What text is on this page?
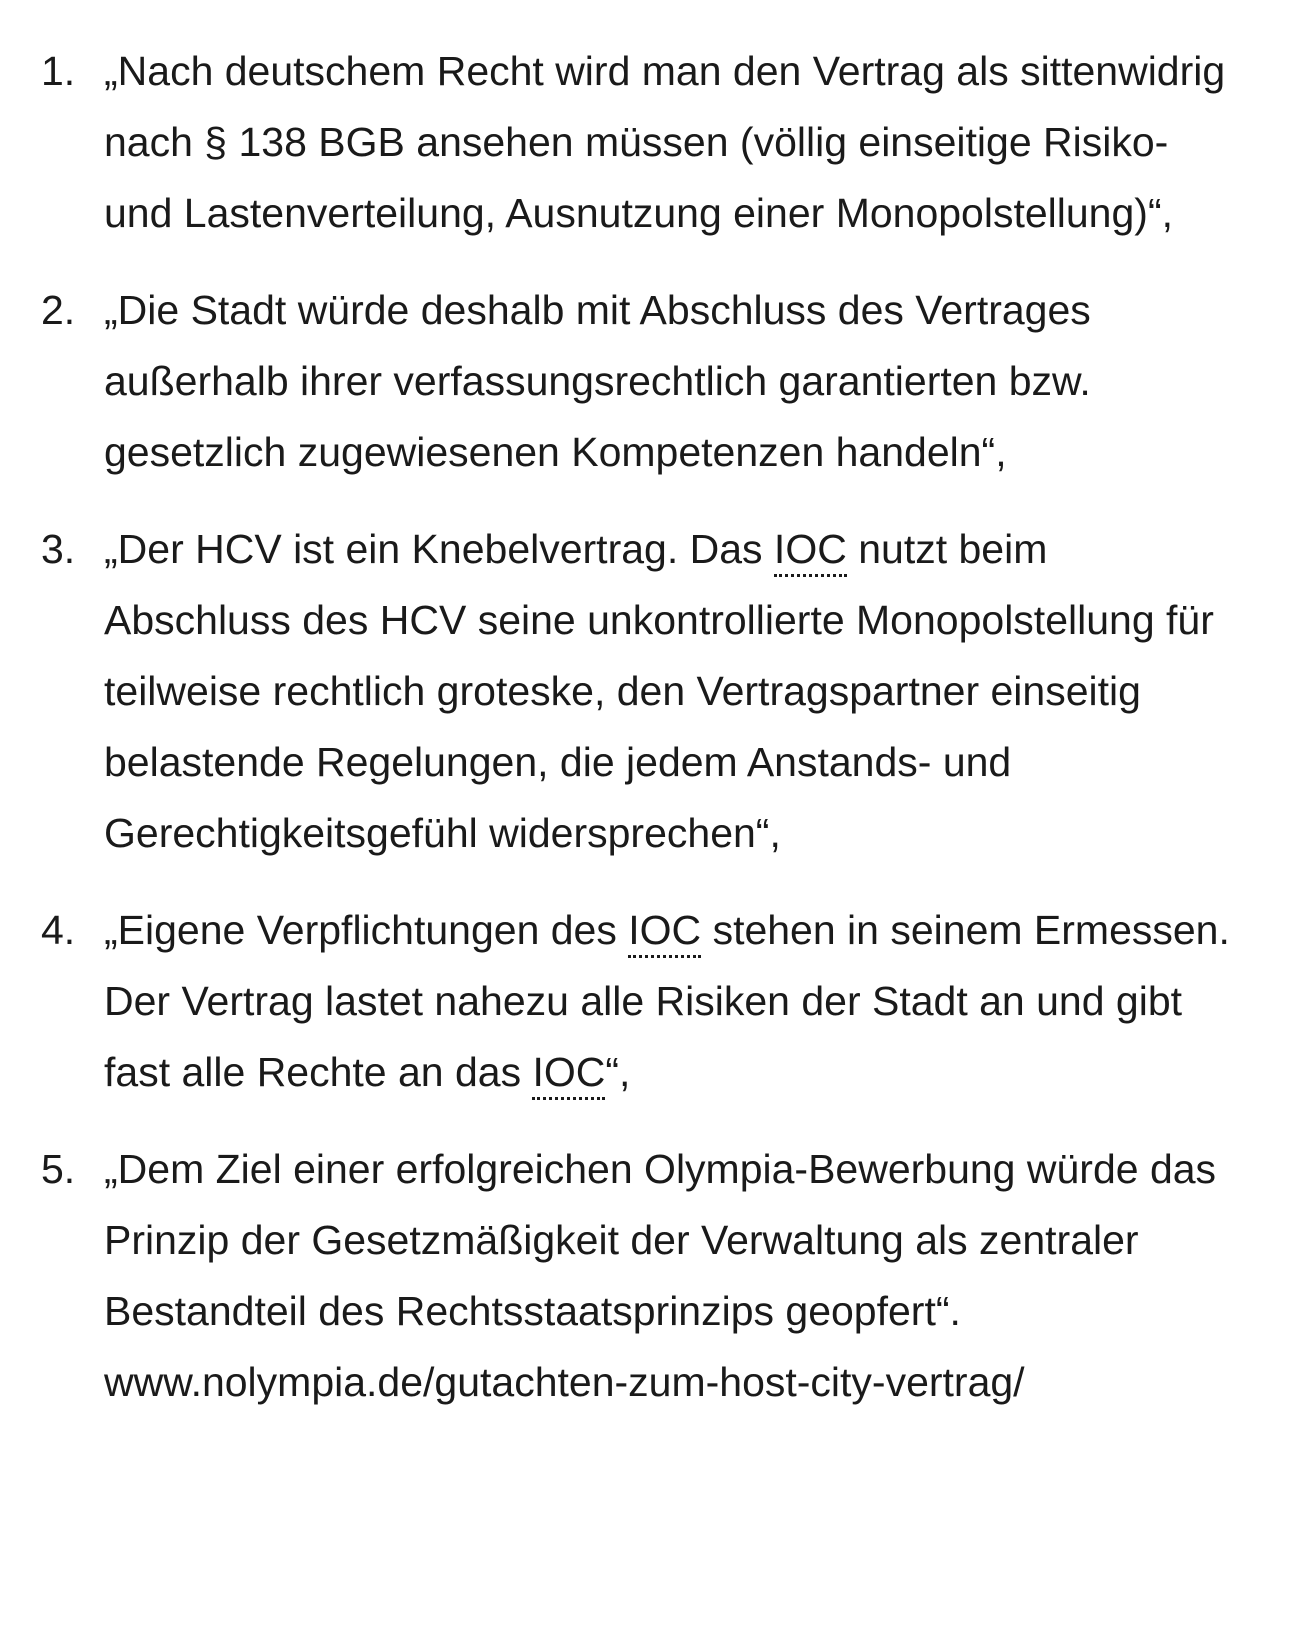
1. „Nach deutschem Recht wird man den Vertrag als sittenwidrig nach § 138 BGB ansehen müssen (völlig einseitige Risiko- und Lastenverteilung, Ausnutzung einer Monopolstellung)“,
2. „Die Stadt würde deshalb mit Abschluss des Vertrages außerhalb ihrer verfassungsrechtlich garantierten bzw. gesetzlich zugewiesenen Kompetenzen handeln“,
3. „Der HCV ist ein Knebelvertrag. Das IOC nutzt beim Abschluss des HCV seine unkontrollierte Monopolstellung für teilweise rechtlich groteske, den Vertragspartner einseitig belastende Regelungen, die jedem Anstands- und Gerechtigkeitsgefühl widersprechen“,
4. „Eigene Verpflichtungen des IOC stehen in seinem Ermessen. Der Vertrag lastet nahezu alle Risiken der Stadt an und gibt fast alle Rechte an das IOC“,
5. „Dem Ziel einer erfolgreichen Olympia-Bewerbung würde das Prinzip der Gesetzmäßigkeit der Verwaltung als zentraler Bestandteil des Rechtsstaatsprinzips geopfert“. www.nolympia.de/gutachten-zum-host-city-vertrag/
